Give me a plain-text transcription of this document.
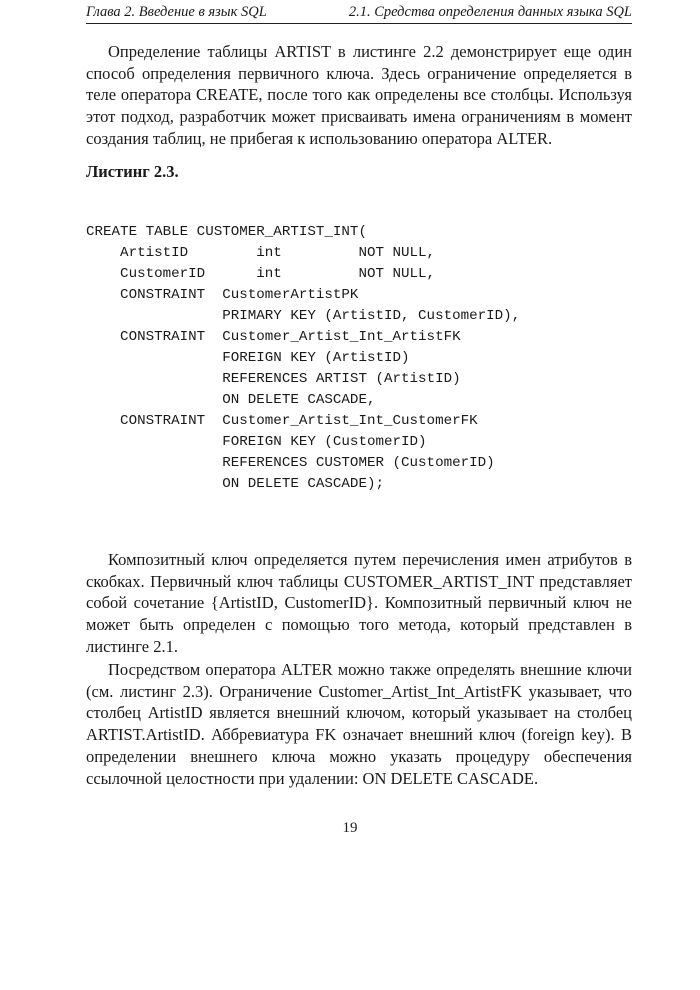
Глава 2. Введение в язык SQL	2.1. Средства определения данных языка SQL

Определение таблицы ARTIST в листинге 2.2 демонстрирует еще один способ определения первичного ключа. Здесь ограничение определяется в теле оператора CREATE, после того как определены все столбцы. Используя этот подход, разработчик может присваивать имена ограничениям в момент создания таблиц, не прибегая к использованию оператора ALTER.

Листинг 2.3.

CREATE TABLE CUSTOMER_ARTIST_INT(
ArtistID        int         NOT NULL,
CustomerID      int         NOT NULL,
CONSTRAINT  CustomerArtistPK
PRIMARY KEY (ArtistID, CustomerID),
CONSTRAINT  Customer_Artist_Int_ArtistFK
FOREIGN KEY (ArtistID)
REFERENCES ARTIST (ArtistID)
ON DELETE CASCADE,
CONSTRAINT  Customer_Artist_Int_CustomerFK
FOREIGN KEY (CustomerID)
REFERENCES CUSTOMER (CustomerID)
ON DELETE CASCADE);

Композитный ключ определяется путем перечисления имен атрибутов в скобках. Первичный ключ таблицы CUSTOMER_ARTIST_INT представляет собой сочетание {ArtistID, CustomerID}. Композитный первичный ключ не может быть определен с помощью того метода, который представлен в листинге 2.1.

Посредством оператора ALTER можно также определять внешние ключи (см. листинг 2.3). Ограничение Customer_Artist_Int_ArtistFK указывает, что столбец ArtistID является внешний ключом, который указывает на столбец ARTIST.ArtistID. Аббревиатура FK означает внешний ключ (foreign key). В определении внешнего ключа можно указать процедуру обеспечения ссылочной целостности при удалении: ON DELETE CASCADE.

19
